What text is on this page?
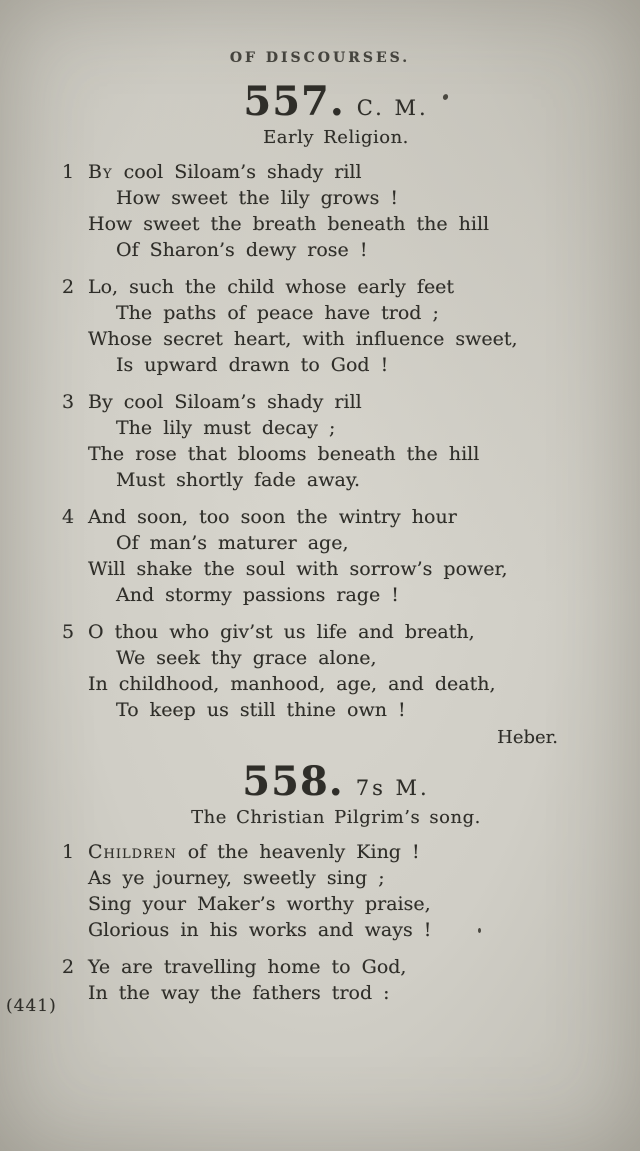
OF DISCOURSES.
557. C. M.
Early Religion.
1 By cool Siloam’s shady rill
How sweet the lily grows !
How sweet the breath beneath the hill
Of Sharon’s dewy rose !
2 Lo, such the child whose early feet
The paths of peace have trod ;
Whose secret heart, with influence sweet,
Is upward drawn to God !
3 By cool Siloam’s shady rill
The lily must decay ;
The rose that blooms beneath the hill
Must shortly fade away.
4 And soon, too soon the wintry hour
Of man’s maturer age,
Will shake the soul with sorrow’s power,
And stormy passions rage !
5 O thou who giv’st us life and breath,
We seek thy grace alone,
In childhood, manhood, age, and death,
To keep us still thine own !
Heber.
558. 7s M.
The Christian Pilgrim’s song.
1 Children of the heavenly King !
As ye journey, sweetly sing ;
Sing your Maker’s worthy praise,
Glorious in his works and ways !
2 Ye are travelling home to God,
In the way the fathers trod :
(441)
